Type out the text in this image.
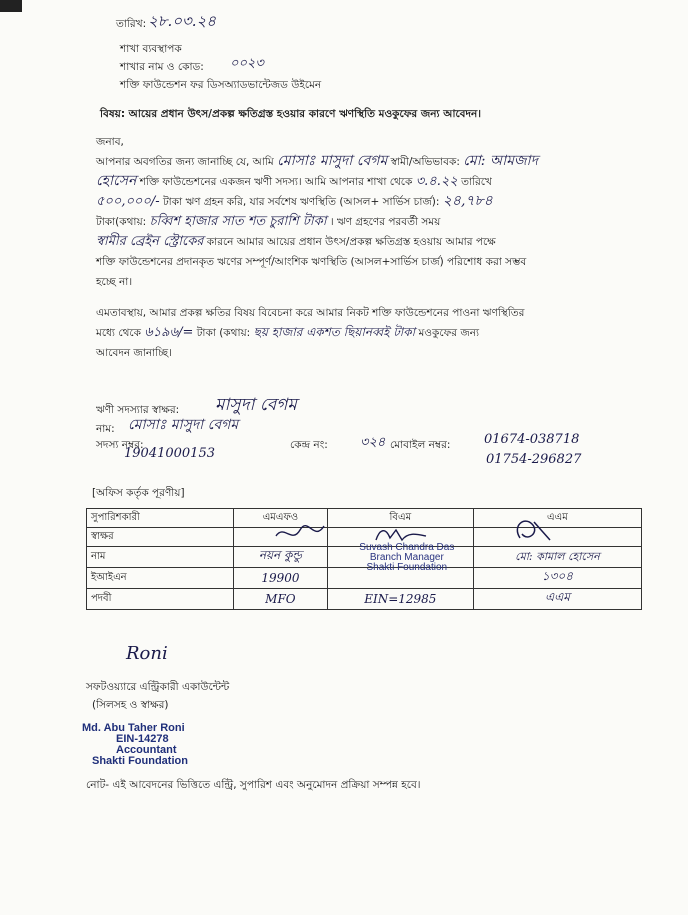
তারিখ: ২৮.০৩.২৪
শাখা ব্যবস্থাপক
শাখার নাম ও কোড: ০০২৩
শক্তি ফাউন্ডেশন ফর ডিসঅ্যাডভান্টেজড উইমেন
বিষয়: আয়ের প্রধান উৎস/প্রকল্প ক্ষতিগ্রস্ত হওয়ার কারণে ঋণস্থিতি মওকুফের জন্য আবেদন।
জনাব,
আপনার অবগতির জন্য জানাচ্ছি যে, আমি মোসাঃ মাসুদা বেগম স্বামী/অভিভাবক: মো: আমজাদ
হোসেন শক্তি ফাউন্ডেশনের একজন ঋণী সদস্য। আমি আপনার শাখা থেকে ৩.৪.২২ তারিখে
৫০০,০০০/- টাকা ঋণ গ্রহন করি, যার সর্বশেষ ঋণস্থিতি (আসল+ সার্ভিস চার্জ): ২৪,৭৮৪
টাকা(কথায়: চব্বিশ হাজার সাত শত চুরাশি টাকা । ঋণ গ্রহণের পরবর্তী সময়
স্বামীর ব্রেইন স্ট্রোকের কারনে আমার আয়ের প্রধান উৎস/প্রকল্প ক্ষতিগ্রস্ত হওয়ায় আমার পক্ষে
শক্তি ফাউন্ডেশনের প্রদানকৃত ঋণের সম্পূর্ণ/আংশিক ঋণস্থিতি (আসল+সার্ভিস চার্জ) পরিশোধ করা সম্ভব
হচ্ছে না।
এমতাবস্থায়, আমার প্রকল্প ক্ষতির বিষয় বিবেচনা করে আমার নিকট শক্তি ফাউন্ডেশনের পাওনা ঋণস্থিতির
মধ্যে থেকে ৬১৯৬/= টাকা (কথায়: ছয় হাজার একশত ছিয়ানব্বই টাকা মওকুফের জন্য
আবেদন জানাচ্ছি।
ঋণী সদস্যার স্বাক্ষর: মাসুদা বেগম
নাম: মোসাঃ মাসুদা বেগম
সদস্য নম্বর:
19041000153
কেন্দ্র নং: ৩২৪ মোবাইল নম্বর:	01674-038718
01754-296827
[অফিস কর্তৃক পূরণীয়]
সুপারিশকারী	এমএফও	বিএম	এএম
স্বাক্ষর	

নাম	নয়ন কুন্ডু	Suvash Chandra Das
Branch Manager
Shakti Foundation	মো: কামাল হোসেন
ইআইএন	19900		১৩০৪
পদবী	MFO	EIN=12985	এএম
Roni
সফটওয়্যারে এন্ট্রিকারী একাউন্টেন্ট
(সিলসহ ও স্বাক্ষর)
Md. Abu Taher Roni
EIN-14278
Accountant
Shakti Foundation
নোট- এই আবেদনের ভিত্তিতে এন্ট্রি, সুপারিশ এবং অনুমোদন প্রক্রিয়া সম্পন্ন হবে।
